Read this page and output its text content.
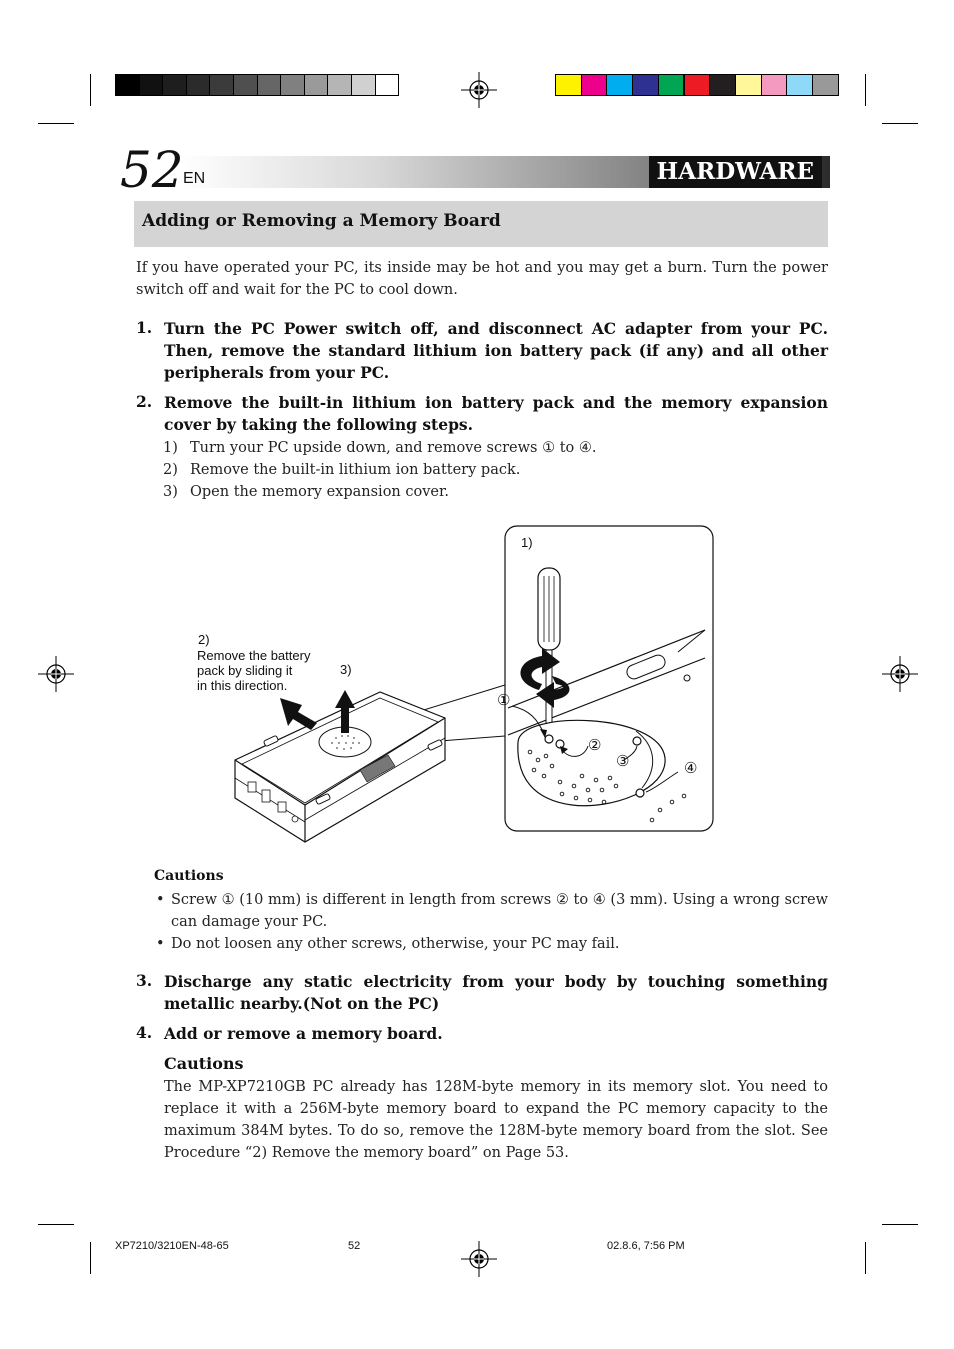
HARDWARE
52 EN
Adding or Removing a Memory Board
If you have operated your PC, its inside may be hot and you may get a burn. Turn the power switch off and wait for the PC to cool down.
1. Turn the PC Power switch off, and disconnect AC adapter from your PC. Then, remove the standard lithium ion battery pack (if any) and all other peripherals from your PC.
2. Remove the built-in lithium ion battery pack and the memory expansion cover by taking the following steps.
1) Turn your PC upside down, and remove screws ① to ④.
2) Remove the built-in lithium ion battery pack.
3) Open the memory expansion cover.
1)
2)
Remove the battery
pack by sliding it
in this direction.
3)
①
②
③	④
Cautions
• Screw ① (10 mm) is different in length from screws ② to ④ (3 mm). Using a wrong screw can damage your PC.
• Do not loosen any other screws, otherwise, your PC may fail.
3. Discharge any static electricity from your body by touching something metallic nearby.(Not on the PC)
4. Add or remove a memory board.
Cautions
The MP-XP7210GB PC already has 128M-byte memory in its memory slot. You need to replace it with a 256M-byte memory board to expand the PC memory capacity to the maximum 384M bytes. To do so, remove the 128M-byte memory board from the slot. See Procedure “2) Remove the memory board” on Page 53.
XP7210/3210EN-48-65	52	02.8.6, 7:56 PM
